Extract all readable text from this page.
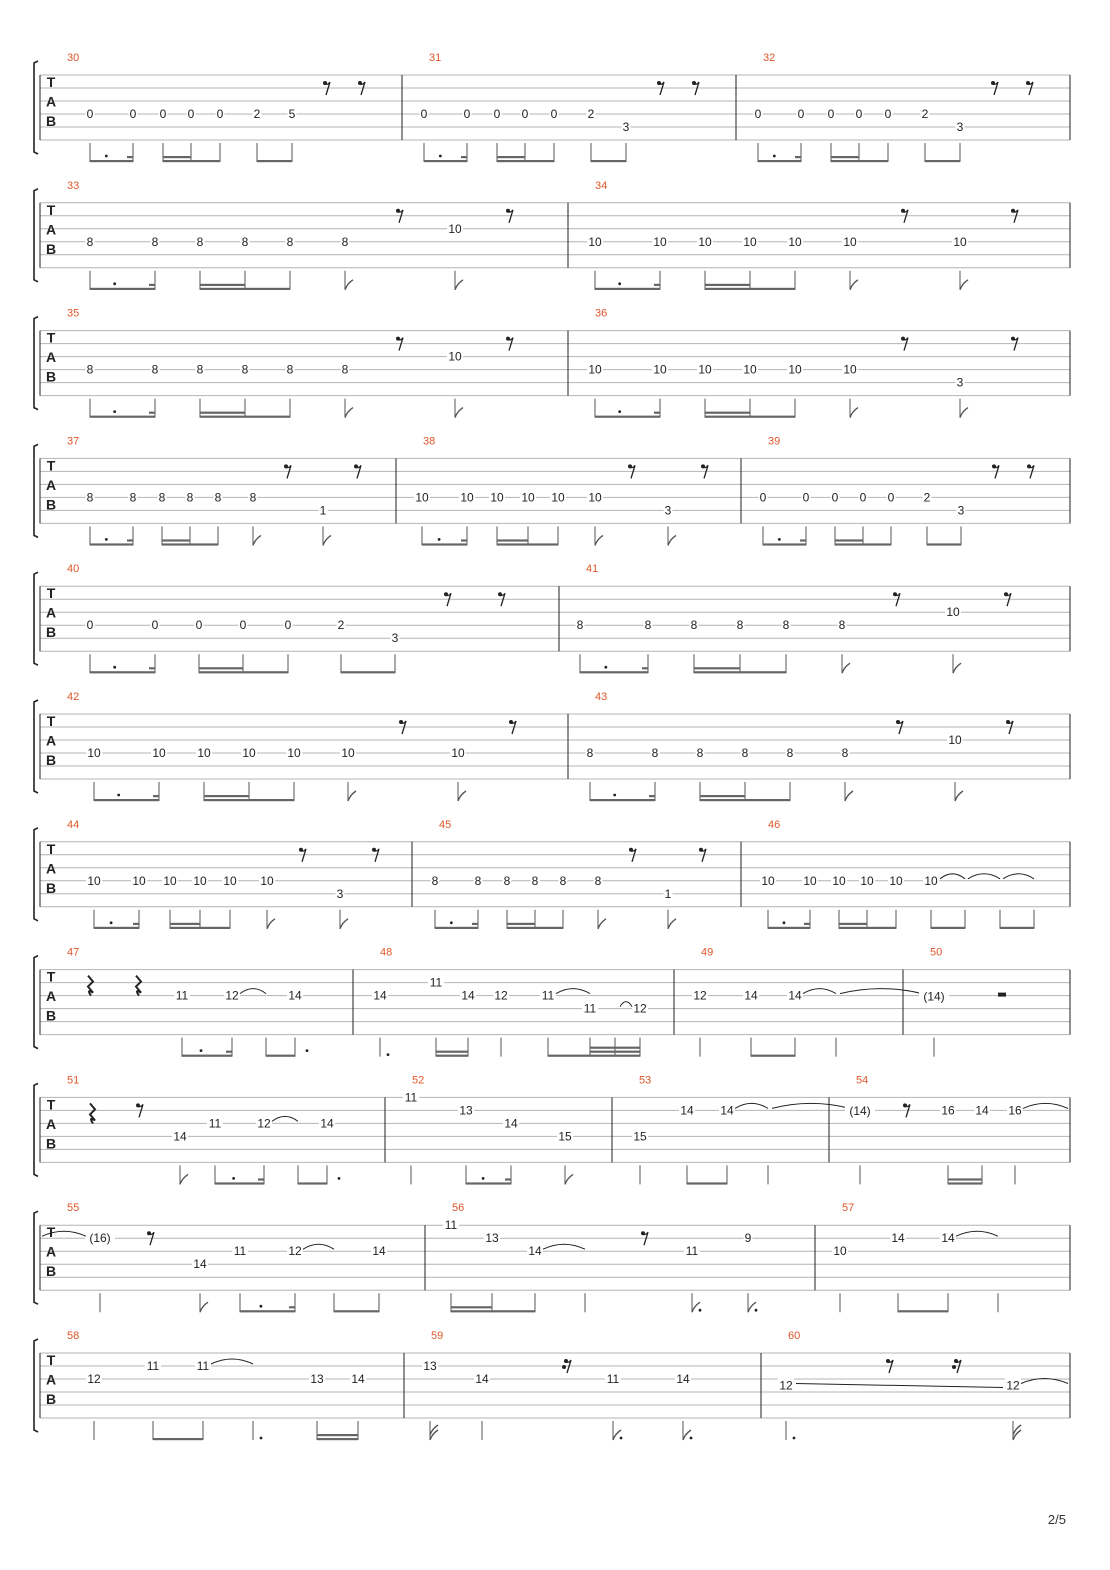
T
A
B
30
0	0 0 0 0	2 5
31
0	0 0 0 0	2
3
32
0	0 0 0 0	2
3
T
A
B
33
8	8	8	8	8	8
10
34
10	10	10	10	10	10	10
T
A
B
35
8	8	8	8	8	8
10
36
10	10	10	10	10	10
3
T
A
B
37
8	8 8 8 8 8
1
38
10	10 10 10 10 10
3
39
0	0 0 0 0 2
3
T
A
B
40
0	0	0	0	0	2
3
41
8	8	8	8	8	8
10
T
A
B
42
10	10	10	10	10	10	10
43
8	8	8	8	8	8
10
T
A
B
44
10	10 10 10 10 10
3
45
8	8 8 8 8 8
1
46
10 10 10 10 10 10
T
A
B
47
11	12	14
48
14
11
14 12	11
11	12
49
12	14	14
50
(14)
T
A
B
51
14
11	12	14
52
11
13
14
15
53
15
14 14
54
(14)	16 14 16
T
A
B
55
(16)
14
11	12	14
56
11
13
14	11
9
57
10
14	14
T
A
B
58
12
11	11
13 14
59
13
14	11	14
60
12	12
2/5
